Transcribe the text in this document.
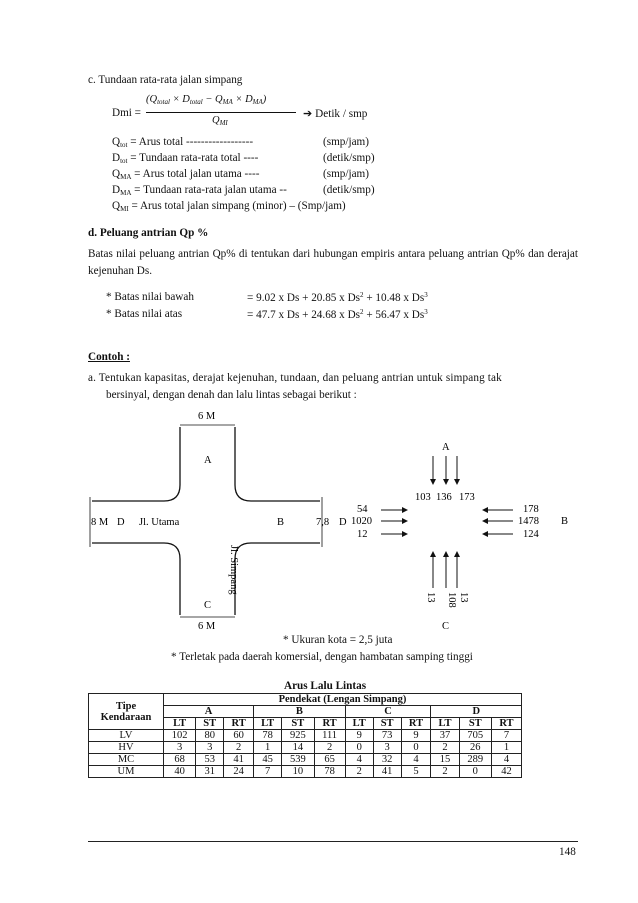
c. Tundaan rata-rata jalan simpang
Dmi =
$(Q_{total} \times D_{total} - Q_{MA} \times D_{MA})$
$Q_{MI}$
➔ Detik / smp
$Q_{tot}$ = Arus total ------------------	(smp/jam)
$D_{tot}$ = Tundaan rata-rata total ----	(detik/smp)
$Q_{MA}$ = Arus total jalan utama ----	(smp/jam)
$D_{MA}$ = Tundaan rata-rata jalan utama --	(detik/smp)
$Q_{MI}$ = Arus total jalan simpang (minor) – (Smp/jam)
d. Peluang antrian Qp %
Batas nilai peluang antrian Qp% di tentukan dari hubungan empiris antara peluang antrian Qp% dan derajat kejenuhan Ds.
* Batas nilai bawah	= 9.02 x Ds + 20.85 x $Ds^2 + 10.48$ x Ds$^3$
* Batas nilai atas	= 47.7 x Ds + 24.68 x $Ds^2 + 56.47$ x Ds$^3$
Contoh :
a. Tentukan kapasitas, derajat kejenuhan, tundaan, dan peluang antrian untuk simpang tak
bersinyal, dengan denah dan lalu lintas sebagai berikut :
6 M
A
8 M D Jl. Utama	B	7,8
Jl. Simpang
C
6 M
A
103 136 173
54
D 1020
12
178
1478 B
124
13 108 13
C
* Ukuran kota = 2,5 juta
* Terletak pada daerah komersial, dengan hambatan samping tinggi
Arus Lalu Lintas
Tipe Kendaraan	Pendekat (Lengan Simpang)											
	A			B			C			D		
	LT	ST	RT	LT	ST	RT	LT	ST	RT	LT	ST	RT
LV	102	80	60	78	925	111	9	73	9	37	705	7
HV	3	3	2	1	14	2	0	3	0	2	26	1
MC	68	53	41	45	539	65	4	32	4	15	289	4
UM	40	31	24	7	10	78	2	41	5	2	0	42
148
